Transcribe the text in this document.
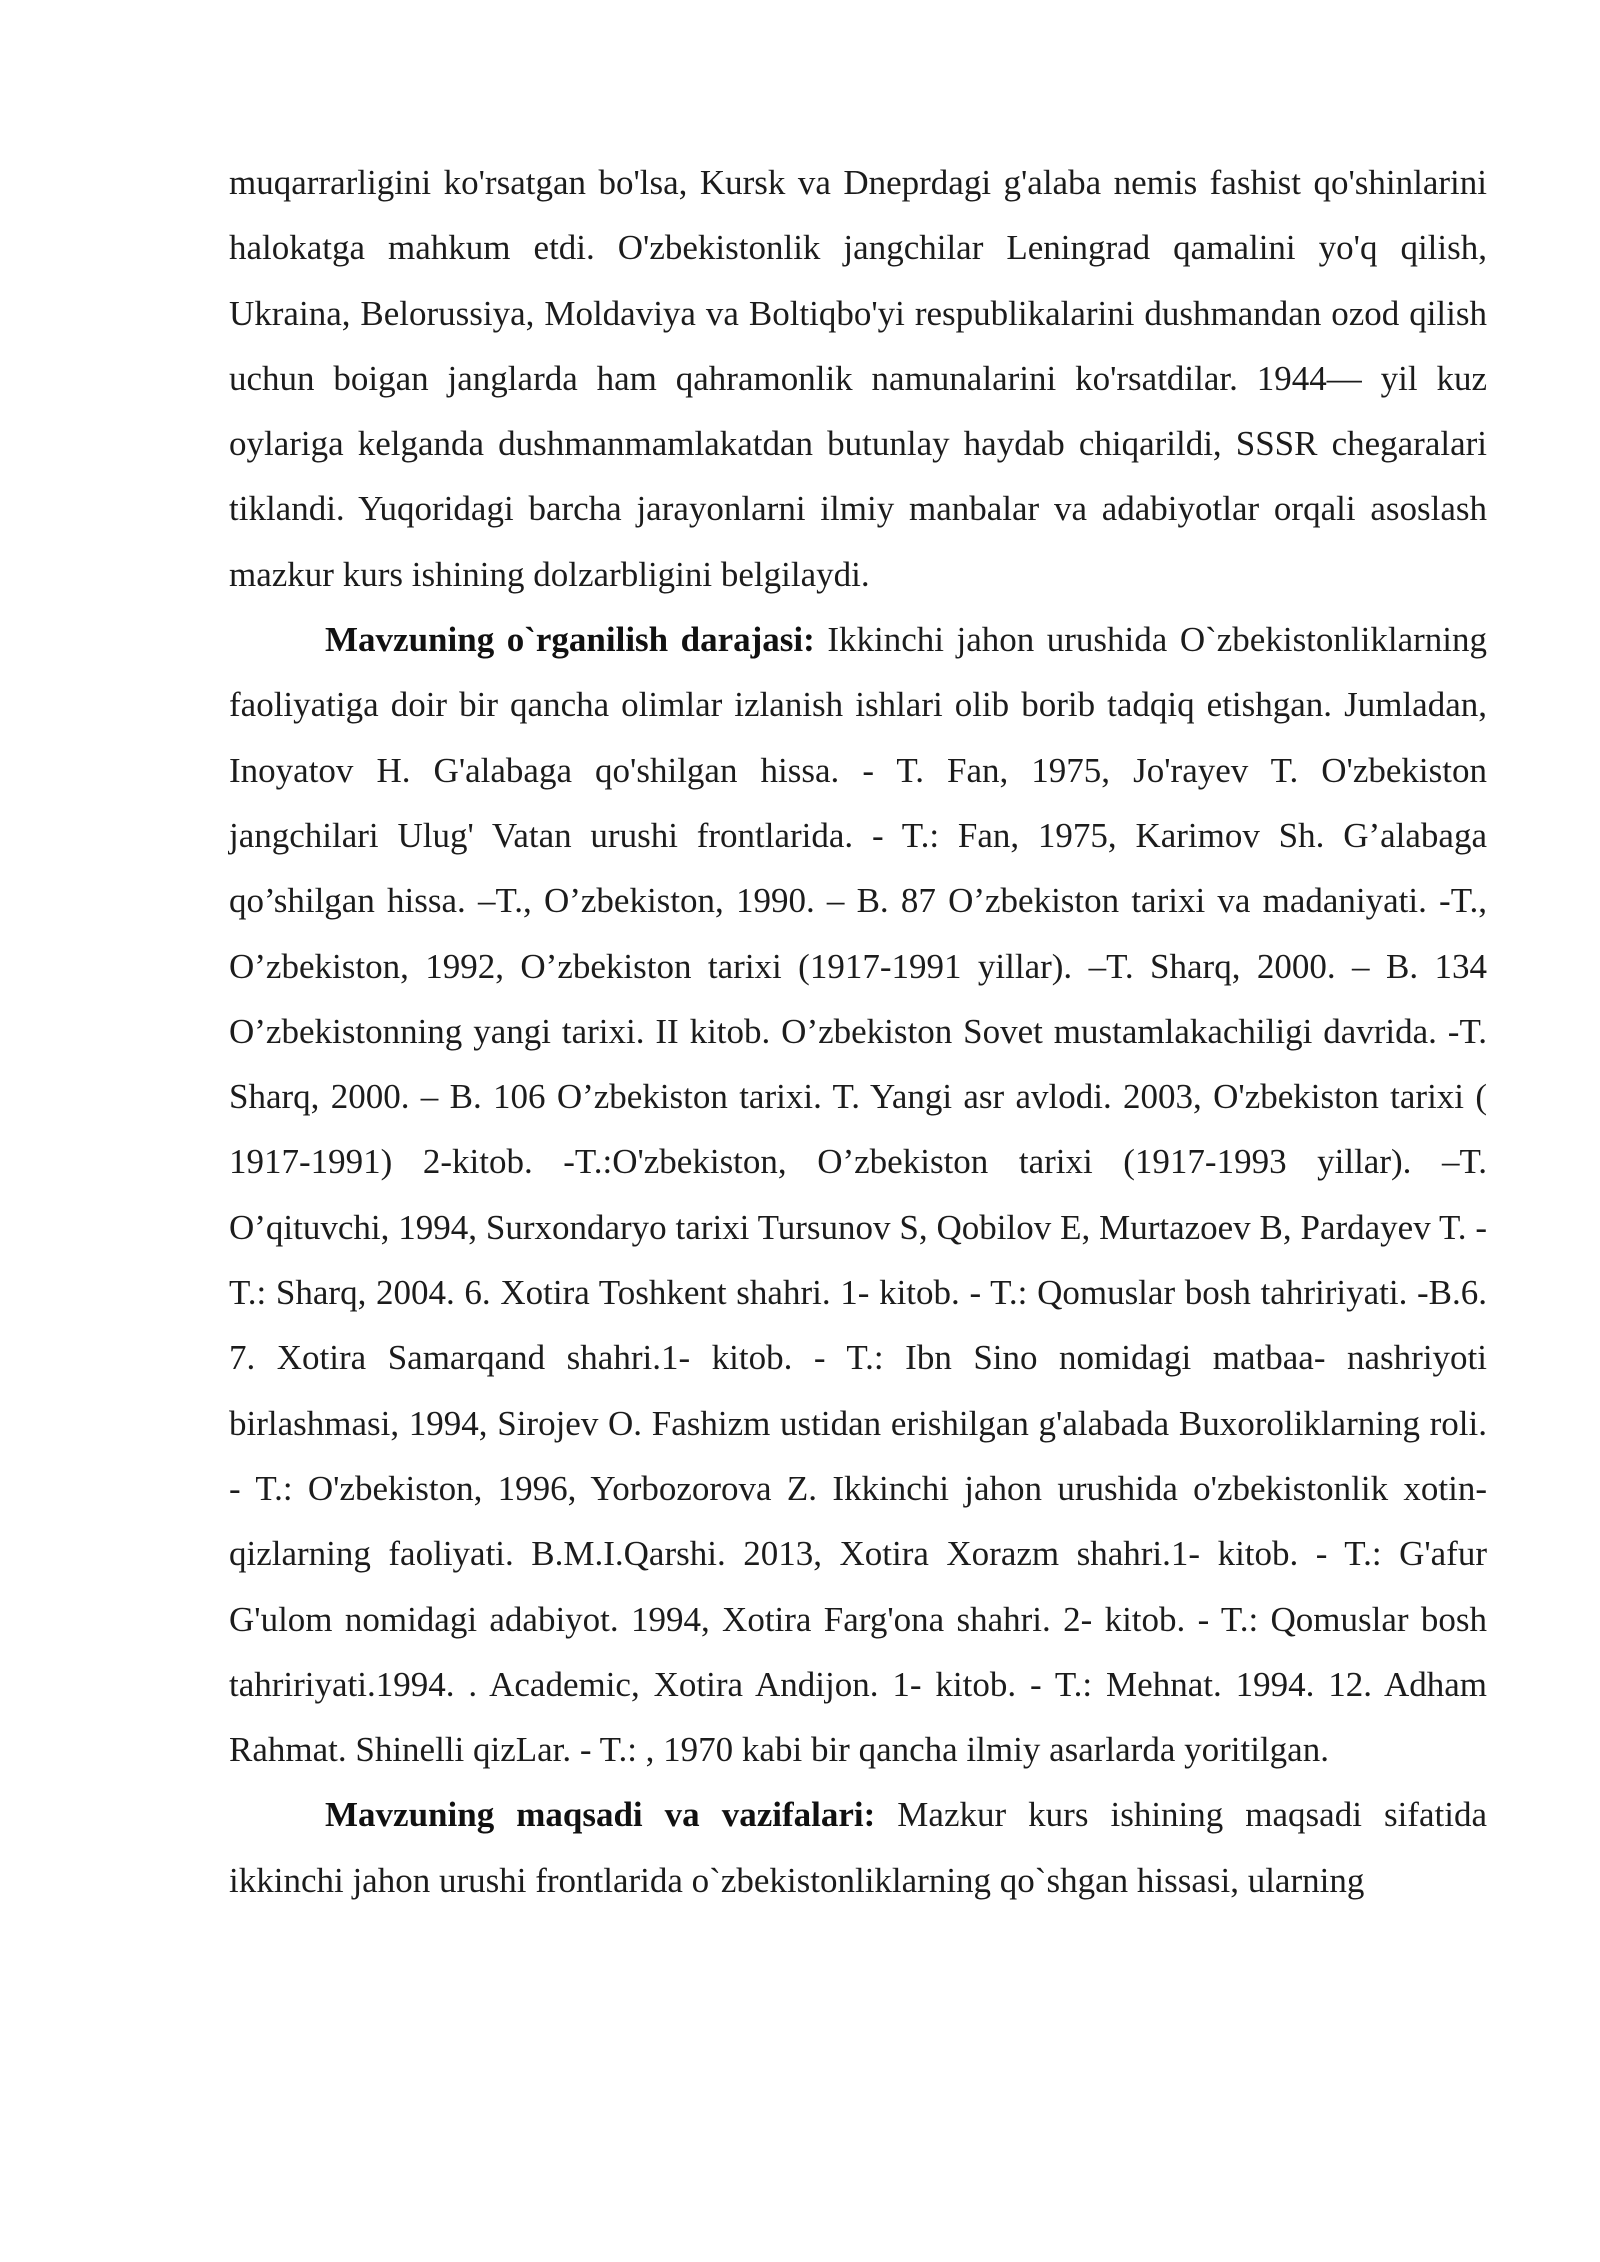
muqarrarligini ko'rsatgan bo'lsa, Kursk va Dneprdagi g'alaba nemis fashist qo'shinlarini halokatga mahkum etdi. O'zbekistonlik jangchilar Leningrad qamalini yo'q qilish, Ukraina, Belorussiya, Moldaviya va Boltiqbo'yi respublikalarini dushmandan ozod qilish uchun boigan janglarda ham qahramonlik namunalarini ko'rsatdilar. 1944— yil kuz oylariga kelganda dushmanmamlakatdan butunlay haydab chiqarildi, SSSR chegaralari tiklandi. Yuqoridagi barcha jarayonlarni ilmiy manbalar va adabiyotlar orqali asoslash mazkur kurs ishining dolzarbligini belgilaydi.

Mavzuning o`rganilish darajasi: Ikkinchi jahon urushida O`zbekistonliklarning faoliyatiga doir bir qancha olimlar izlanish ishlari olib borib tadqiq etishgan. Jumladan, Inoyatov H. G'alabaga qo'shilgan hissa. - T. Fan, 1975, Jo'rayev T. O'zbekiston jangchilari Ulug' Vatan urushi frontlarida. - T.: Fan, 1975, Karimov Sh. G’alabaga qo’shilgan hissa. –T., O’zbekiston, 1990. – B. 87 O’zbekiston tarixi va madaniyati. -T., O’zbekiston, 1992, O’zbekiston tarixi (1917-1991 yillar). –T. Sharq, 2000. – B. 134 O’zbekistonning yangi tarixi. II kitob. O’zbekiston Sovet mustamlakachiligi davrida. -T. Sharq, 2000. – B. 106 O’zbekiston tarixi. T. Yangi asr avlodi. 2003, O'zbekiston tarixi ( 1917-1991) 2-kitob. -T.:O'zbekiston, O’zbekiston tarixi (1917-1993 yillar). –T. O’qituvchi, 1994, Surxondaryo tarixi Tursunov S, Qobilov E, Murtazoev B, Pardayev T. - T.: Sharq, 2004. 6. Xotira Toshkent shahri. 1- kitob. - T.: Qomuslar bosh tahririyati. -B.6. 7. Xotira Samarqand shahri.1- kitob. - T.: Ibn Sino nomidagi matbaa- nashriyoti birlashmasi, 1994, Sirojev O. Fashizm ustidan erishilgan g'alabada Buxoroliklarning roli. - T.: O'zbekiston, 1996, Yorbozorova Z. Ikkinchi jahon urushida o'zbekistonlik xotin- qizlarning faoliyati. B.M.I.Qarshi. 2013, Xotira Xorazm shahri.1- kitob. - T.: G'afur G'ulom nomidagi adabiyot. 1994, Xotira Farg'ona shahri. 2- kitob. - T.: Qomuslar bosh tahririyati.1994. . Academic, Xotira Andijon. 1- kitob. - T.: Mehnat. 1994. 12. Adham Rahmat. Shinelli qizLar. - T.: , 1970 kabi bir qancha ilmiy asarlarda yoritilgan.

Mavzuning maqsadi va vazifalari: Mazkur kurs ishining maqsadi sifatida ikkinchi jahon urushi frontlarida o`zbekistonliklarning qo`shgan hissasi, ularning
